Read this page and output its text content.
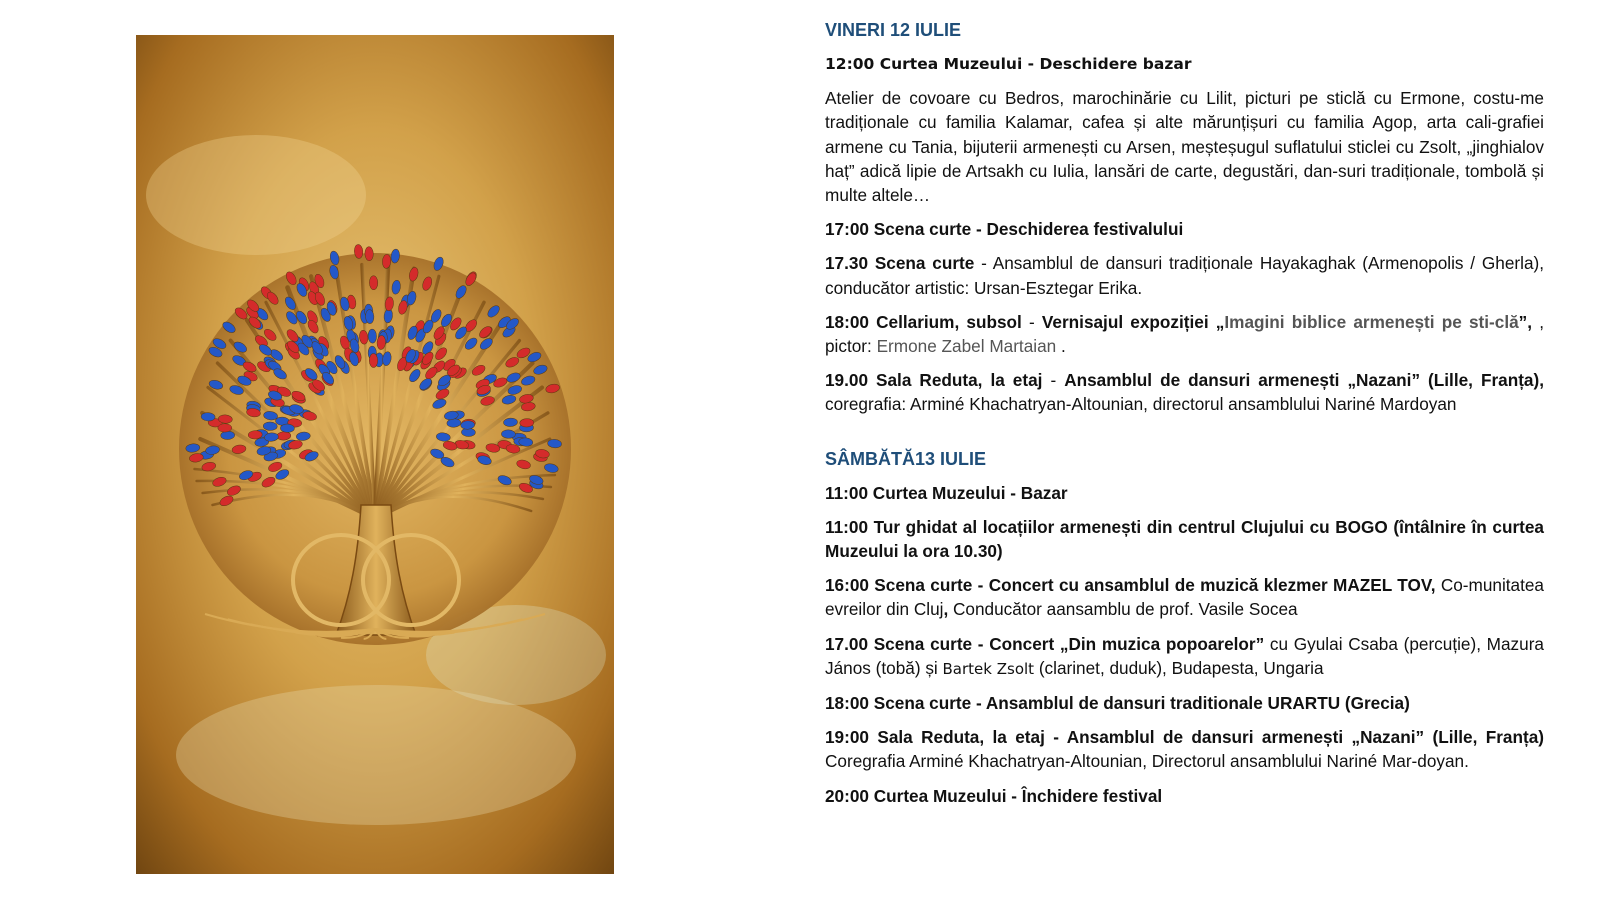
VINERI 12 IULIE
12:00 Curtea Muzeului - Deschidere bazar
Atelier de covoare cu Bedros, marochinărie cu Lilit, picturi pe sticlă cu Ermone, costu-me tradiționale cu familia Kalamar, cafea și alte mărunțișuri cu familia Agop, arta cali-grafiei armene cu Tania, bijuterii armenești cu Arsen, meșteșugul suflatului sticlei cu Zsolt, „jinghialov haț” adică lipie de Artsakh cu Iulia, lansări de carte, degustări, dan-suri tradiționale, tombolă și multe altele…
17:00 Scena curte - Deschiderea festivalului
17.30 Scena curte - Ansamblul de dansuri tradiționale Hayakaghak (Armenopolis / Gherla), conducător artistic: Ursan-Esztegar Erika.
18:00 Cellarium, subsol - Vernisajul expoziției „Imagini biblice armenești pe sti-clă”, , pictor: Ermone Zabel Martaian .
19.00 Sala Reduta, la etaj - Ansamblul de dansuri armenești „Nazani” (Lille, Franța), coregrafia: Arminé Khachatryan-Altounian, directorul ansamblului Nariné Mardoyan
SÂMBĂTĂ13 IULIE
11:00 Curtea Muzeului - Bazar
11:00 Tur ghidat al locațiilor armenești din centrul Clujului cu BOGO (întâlnire în curtea Muzeului la ora 10.30)
16:00 Scena curte - Concert cu ansamblul de muzică klezmer MAZEL TOV, Co-munitatea evreilor din Cluj, Conducător aansamblu de prof. Vasile Socea
17.00 Scena curte - Concert „Din muzica popoarelor” cu Gyulai Csaba (percuție), Mazura János (tobă) și Bartek Zsolt (clarinet, duduk), Budapesta, Ungaria
18:00 Scena curte - Ansamblul de dansuri traditionale URARTU (Grecia)
19:00 Sala Reduta, la etaj - Ansamblul de dansuri armenești „Nazani” (Lille, Franța) Coregrafia Arminé Khachatryan-Altounian, Directorul ansamblului Nariné Mar-doyan.
20:00 Curtea Muzeului - Închidere festival
